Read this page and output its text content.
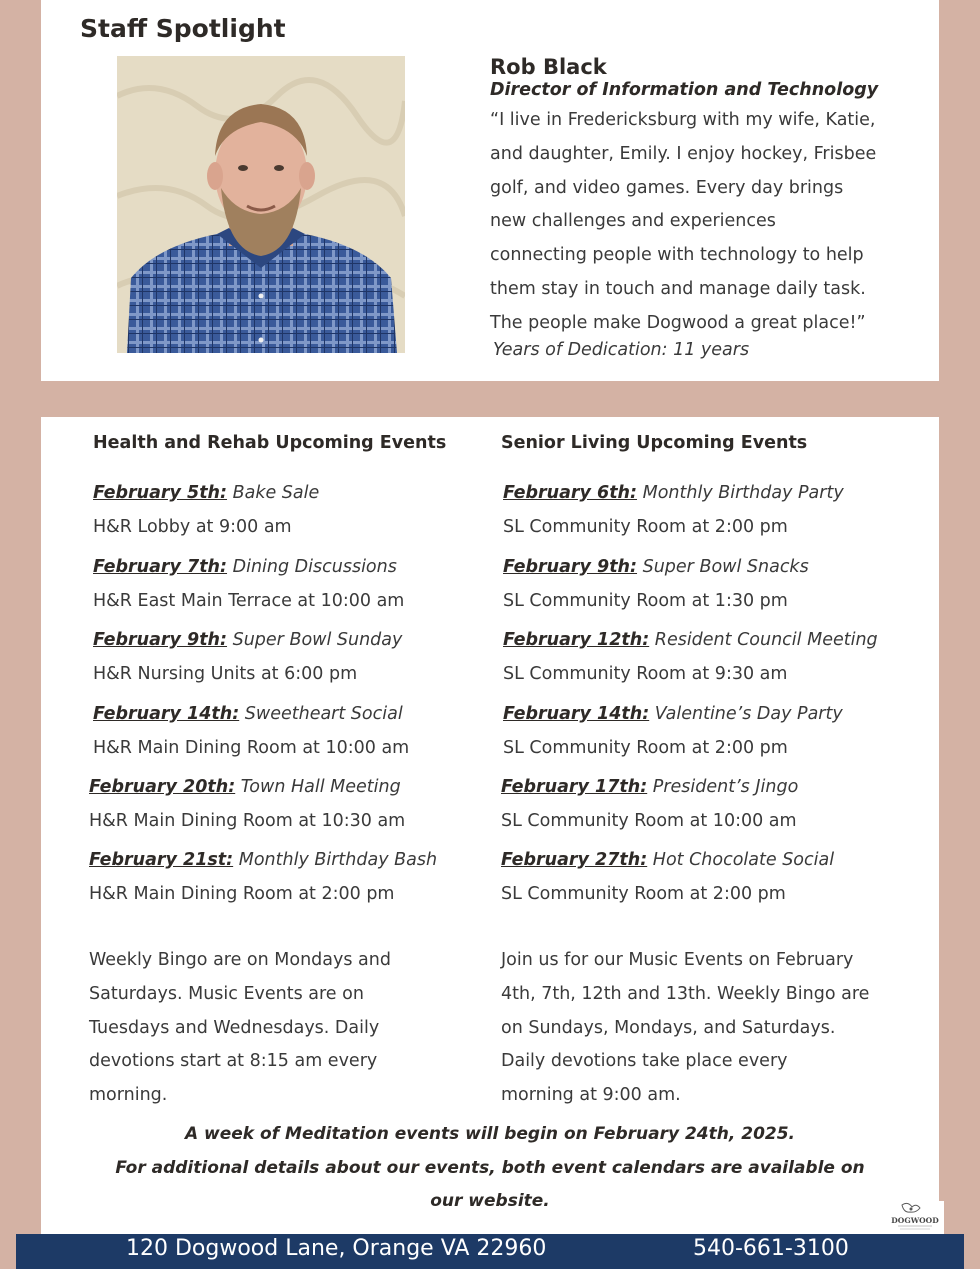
Staff Spotlight
Rob Black
Director of Information and Technology
“I live in Fredericksburg with my wife, Katie,
and daughter, Emily. I enjoy hockey, Frisbee
golf, and video games. Every day brings
new challenges and experiences
connecting people with technology to help
them stay in touch and manage daily task.
The people make Dogwood a great place!”
Years of Dedication: 11 years
Health and Rehab Upcoming Events
February 5th: Bake Sale
H&R Lobby at 9:00 am
February 7th: Dining Discussions
H&R East Main Terrace at 10:00 am
February 9th: Super Bowl Sunday
H&R Nursing Units at 6:00 pm
February 14th: Sweetheart Social
H&R Main Dining Room at 10:00 am
February 20th: Town Hall Meeting
H&R Main Dining Room at 10:30 am
February 21st: Monthly Birthday Bash
H&R Main Dining Room at 2:00 pm
Weekly Bingo are on Mondays and
Saturdays. Music Events are on
Tuesdays and Wednesdays. Daily
devotions start at 8:15 am every
morning.
Senior Living Upcoming Events
February 6th: Monthly Birthday Party
SL Community Room at 2:00 pm
February 9th: Super Bowl Snacks
SL Community Room at 1:30 pm
February 12th: Resident Council Meeting
SL Community Room at 9:30 am
February 14th: Valentine’s Day Party
SL Community Room at 2:00 pm
February 17th: President’s Jingo
SL Community Room at 10:00 am
February 27th: Hot Chocolate Social
SL Community Room at 2:00 pm
Join us for our Music Events on February
4th, 7th, 12th and 13th. Weekly Bingo are
on Sundays, Mondays, and Saturdays.
Daily devotions take place every
morning at 9:00 am.
A week of Meditation events will begin on February 24th, 2025.
For additional details about our events, both event calendars are available on
our website.
DOGWOOD
120 Dogwood Lane, Orange VA 22960	540-661-3100
